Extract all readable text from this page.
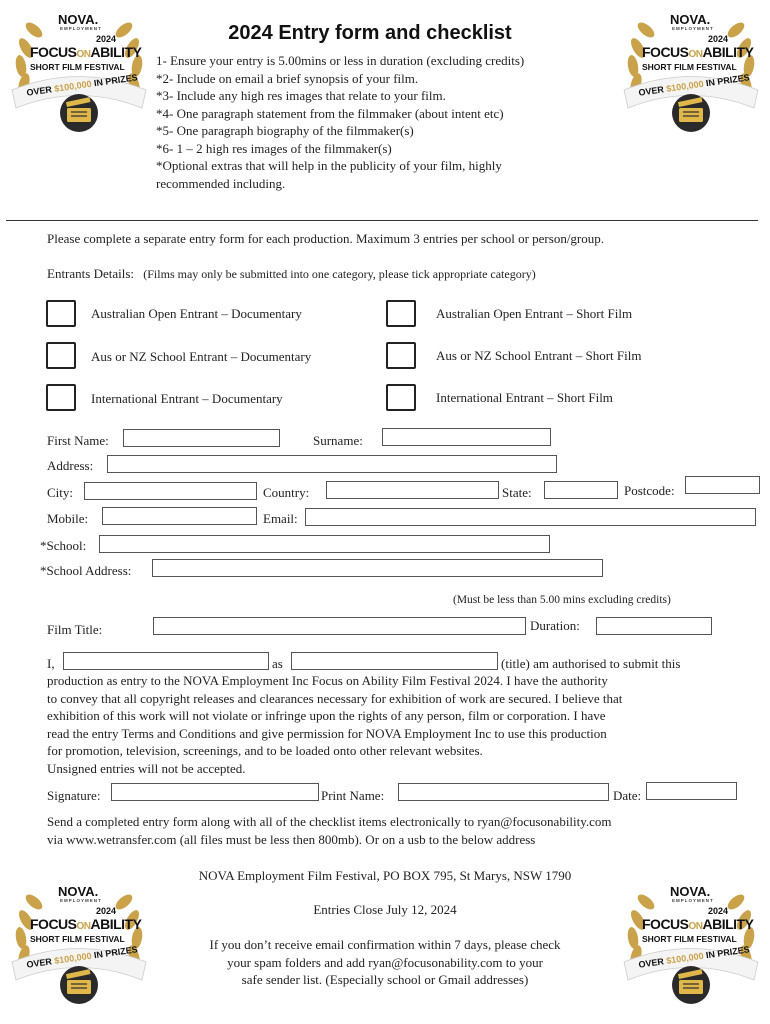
NOVA.
EMPLOYMENT
2024
FOCUSONABILITY
SHORT FILM FESTIVAL
OVER $100,000 IN PRIZES
NOVA.
EMPLOYMENT
2024
FOCUSONABILITY
SHORT FILM FESTIVAL
OVER $100,000 IN PRIZES
NOVA.
EMPLOYMENT
2024
FOCUSONABILITY
SHORT FILM FESTIVAL
OVER $100,000 IN PRIZES
NOVA.
EMPLOYMENT
2024
FOCUSONABILITY
SHORT FILM FESTIVAL
OVER $100,000 IN PRIZES
2024 Entry form and checklist
1- Ensure your entry is 5.00mins or less in duration (excluding credits)
*2- Include on email a brief synopsis of your film.
*3- Include any high res images that relate to your film.
*4- One paragraph statement from the filmmaker (about intent etc)
*5- One paragraph biography of the filmmaker(s)
*6- 1 – 2 high res images of the filmmaker(s)
*Optional extras that will help in the publicity of your film, highly
recommended including.
Please complete a separate entry form for each production. Maximum 3 entries per school or person/group.
Entrants Details: (Films may only be submitted into one category, please tick appropriate category)
Australian Open Entrant – Documentary	Australian Open Entrant – Short Film
Aus or NZ School Entrant – Documentary	Aus or NZ School Entrant – Short Film
International Entrant – Documentary	International Entrant – Short Film
First Name:	Surname:
Address:
City:	Country:	State:	Postcode:
Mobile:	Email:
*School:
*School Address:
(Must be less than 5.00 mins excluding credits)
Film Title:	Duration:
I,	as	(title) am authorised to submit this
production as entry to the NOVA Employment Inc Focus on Ability Film Festival 2024. I have the authority
to convey that all copyright releases and clearances necessary for exhibition of work are secured. I believe that
exhibition of this work will not violate or infringe upon the rights of any person, film or corporation. I have
read the entry Terms and Conditions and give permission for NOVA Employment Inc to use this production
for promotion, television, screenings, and to be loaded onto other relevant websites.
Unsigned entries will not be accepted.
Signature:	Print Name:	Date:
Send a completed entry form along with all of the checklist items electronically to ryan@focusonability.com
via www.wetransfer.com (all files must be less then 800mb). Or on a usb to the below address
NOVA Employment Film Festival, PO BOX 795, St Marys, NSW 1790
Entries Close July 12, 2024
If you don’t receive email confirmation within 7 days, please check
your spam folders and add ryan@focusonability.com to your
safe sender list. (Especially school or Gmail addresses)
